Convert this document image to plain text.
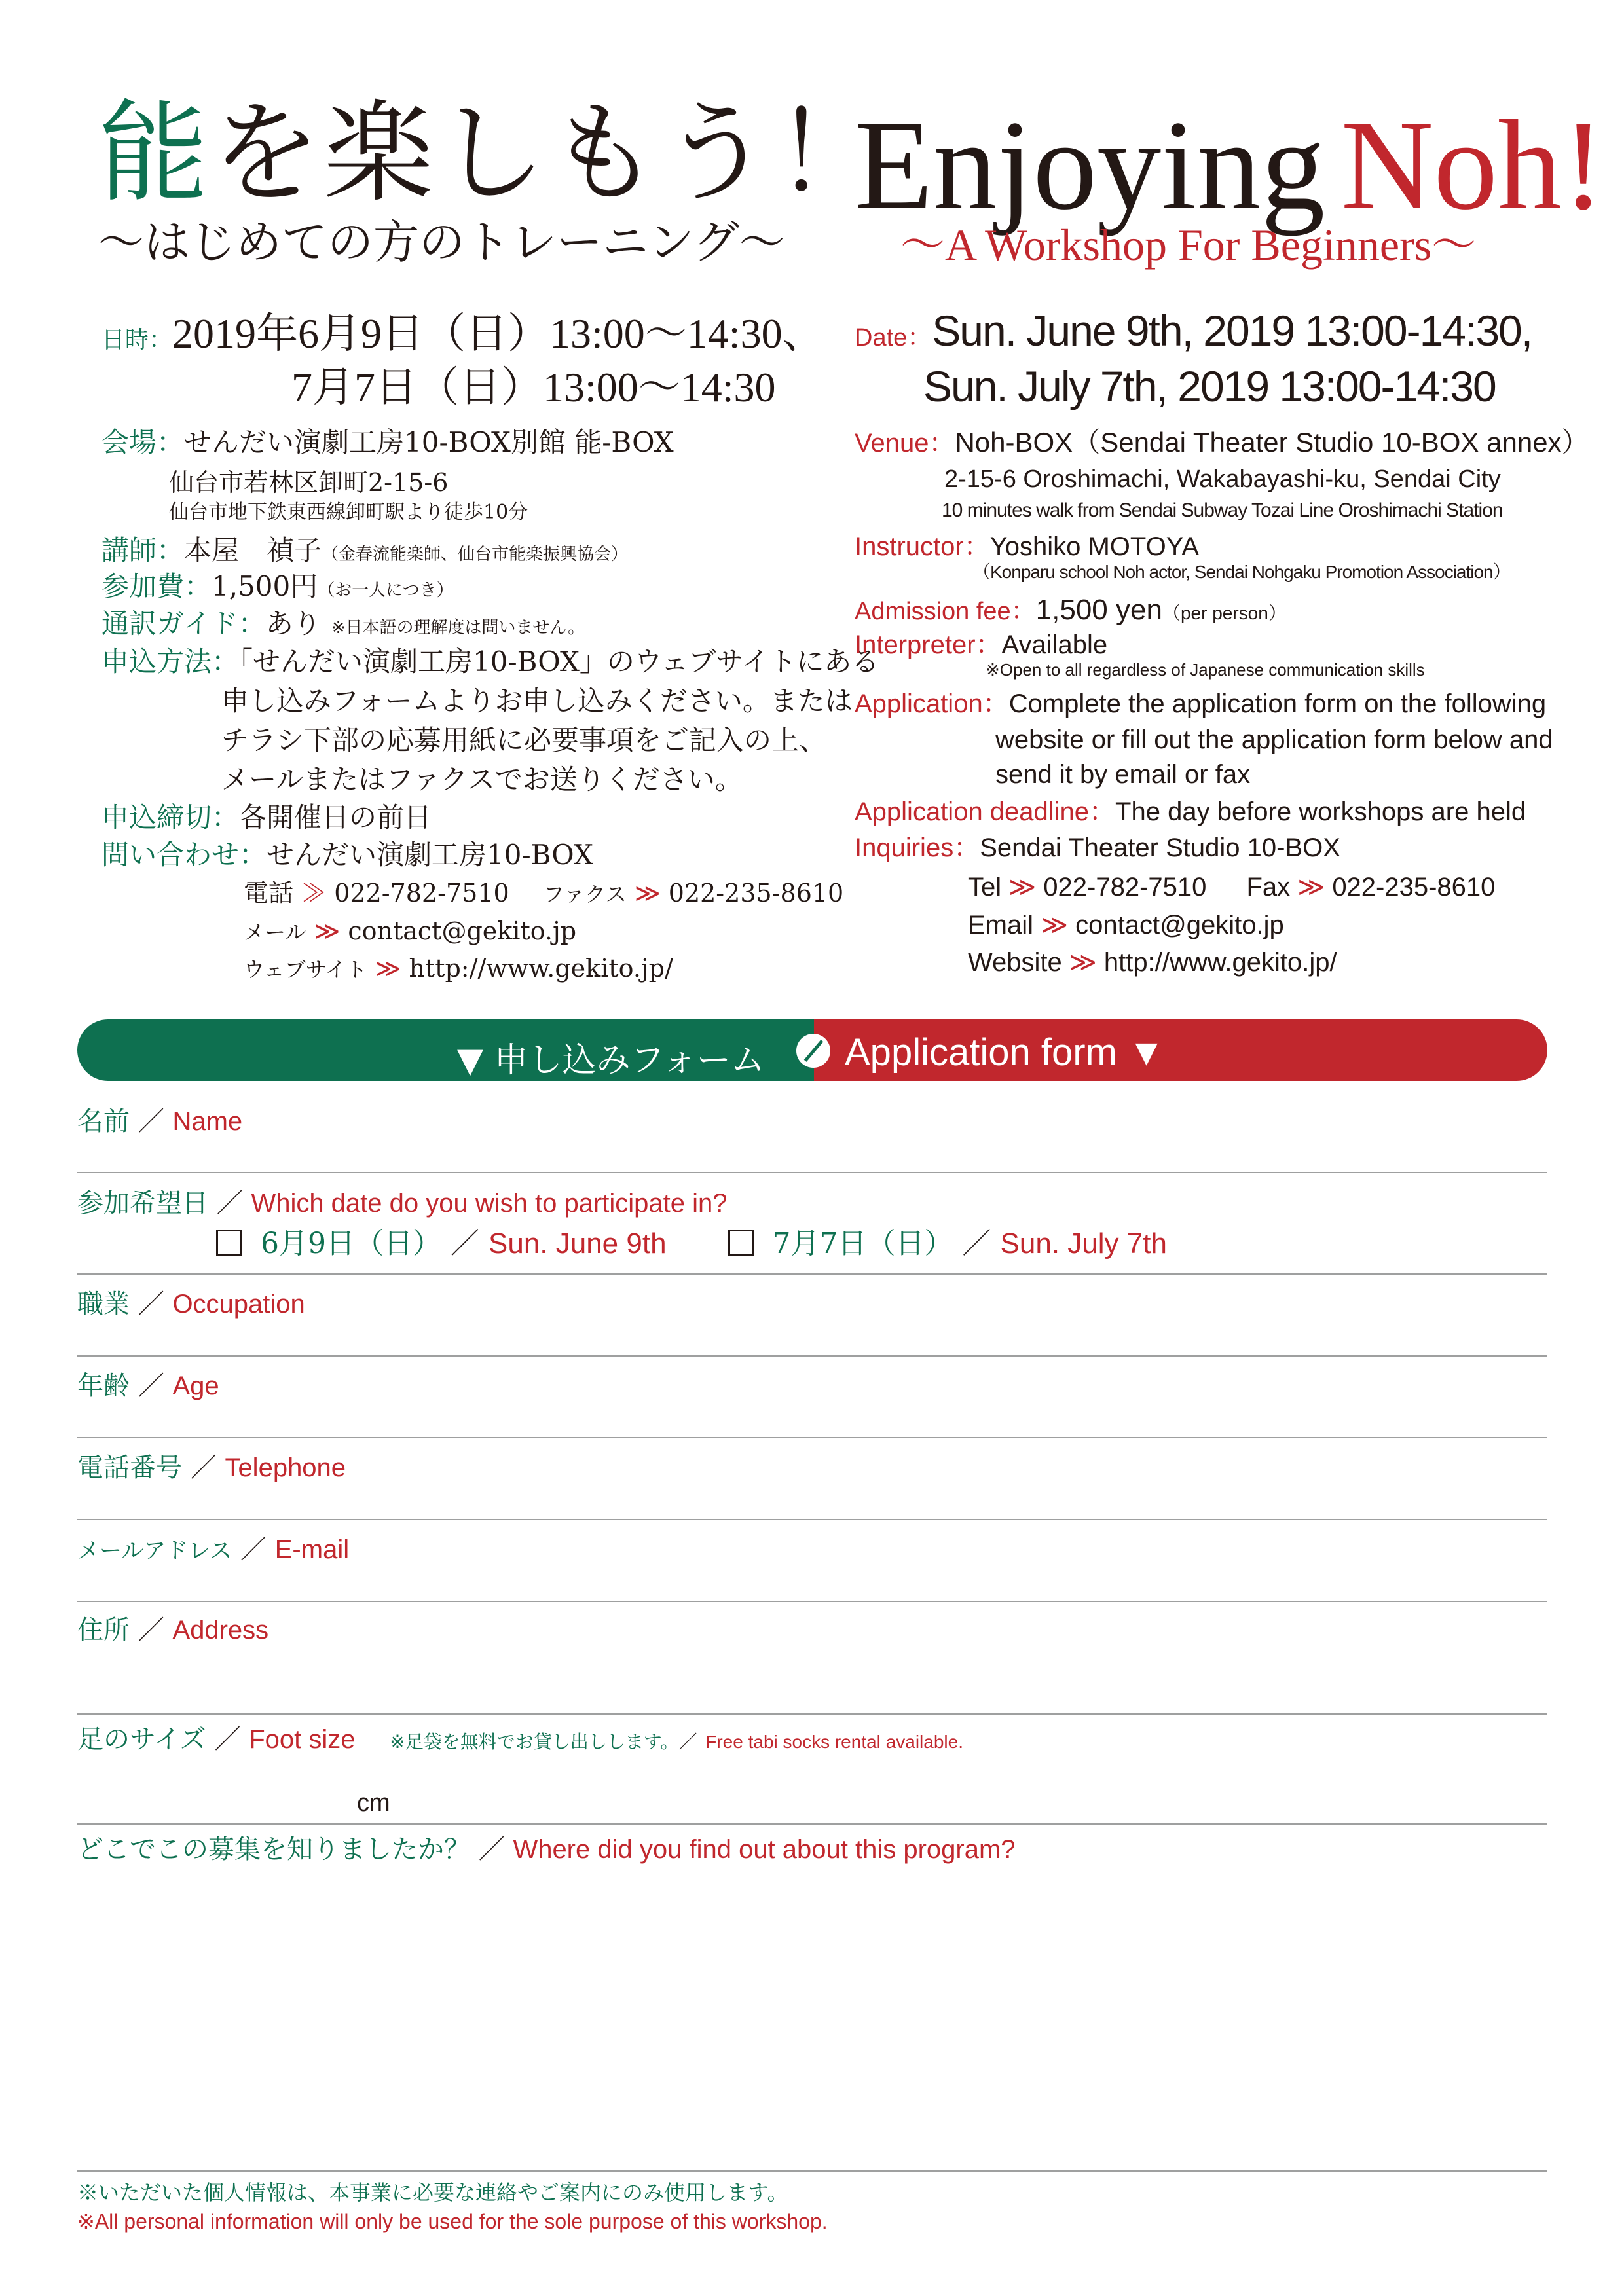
能を楽しもう！
〜はじめての方のトレーニング〜
Enjoying Noh!
〜A Workshop For Beginners〜
日時：2019年6月9日（日）13:00〜14:30、
7月7日（日）13:00〜14:30
会場：せんだい演劇工房10-BOX別館 能-BOX
仙台市若林区卸町2-15-6
仙台市地下鉄東西線卸町駅より徒歩10分
講師：本屋　禎子（金春流能楽師、仙台市能楽振興協会）
参加費：1,500円（お一人につき）
通訳ガイド：あり ※日本語の理解度は問いません。
申込方法：「せんだい演劇工房10-BOX」のウェブサイトにある
申し込みフォームよりお申し込みください。または
チラシ下部の応募用紙に必要事項をご記入の上、
メールまたはファクスでお送りください。
申込締切：各開催日の前日
問い合わせ：せんだい演劇工房10-BOX
電話 ≫ 022-782-7510 ファクス ≫ 022-235-8610
メール ≫ contact@gekito.jp
ウェブサイト ≫ http://www.gekito.jp/
Date：Sun. June 9th, 2019 13:00-14:30,
Sun. July 7th, 2019 13:00-14:30
Venue：Noh-BOX（Sendai Theater Studio 10-BOX annex）
2-15-6 Oroshimachi, Wakabayashi-ku, Sendai City
10 minutes walk from Sendai Subway Tozai Line Oroshimachi Station
Instructor：Yoshiko MOTOYA
（Konparu school Noh actor, Sendai Nohgaku Promotion Association）
Admission fee：1,500 yen（per person）
Interpreter：Available
※Open to all regardless of Japanese communication skills
Application：Complete the application form on the following
website or fill out the application form below and
send it by email or fax
Application deadline：The day before workshops are held
Inquiries：Sendai Theater Studio 10-BOX
Tel ≫ 022-782-7510 Fax ≫ 022-235-8610
Email ≫ contact@gekito.jp
Website ≫ http://www.gekito.jp/
▼ 申し込みフォーム Application form ▼
名前 ／ Name
参加希望日 ／ Which date do you wish to participate in?
6月9日（日） ／ Sun. June 9th	7月7日（日） ／ Sun. July 7th
職業 ／ Occupation
年齢 ／ Age
電話番号 ／ Telephone
メールアドレス ／ E-mail
住所 ／ Address
足のサイズ ／ Foot size ※足袋を無料でお貸し出しします。／ Free tabi socks rental available.
cm
どこでこの募集を知りましたか？ ／ Where did you find out about this program?
※いただいた個人情報は、本事業に必要な連絡やご案内にのみ使用します。
※All personal information will only be used for the sole purpose of this workshop.
